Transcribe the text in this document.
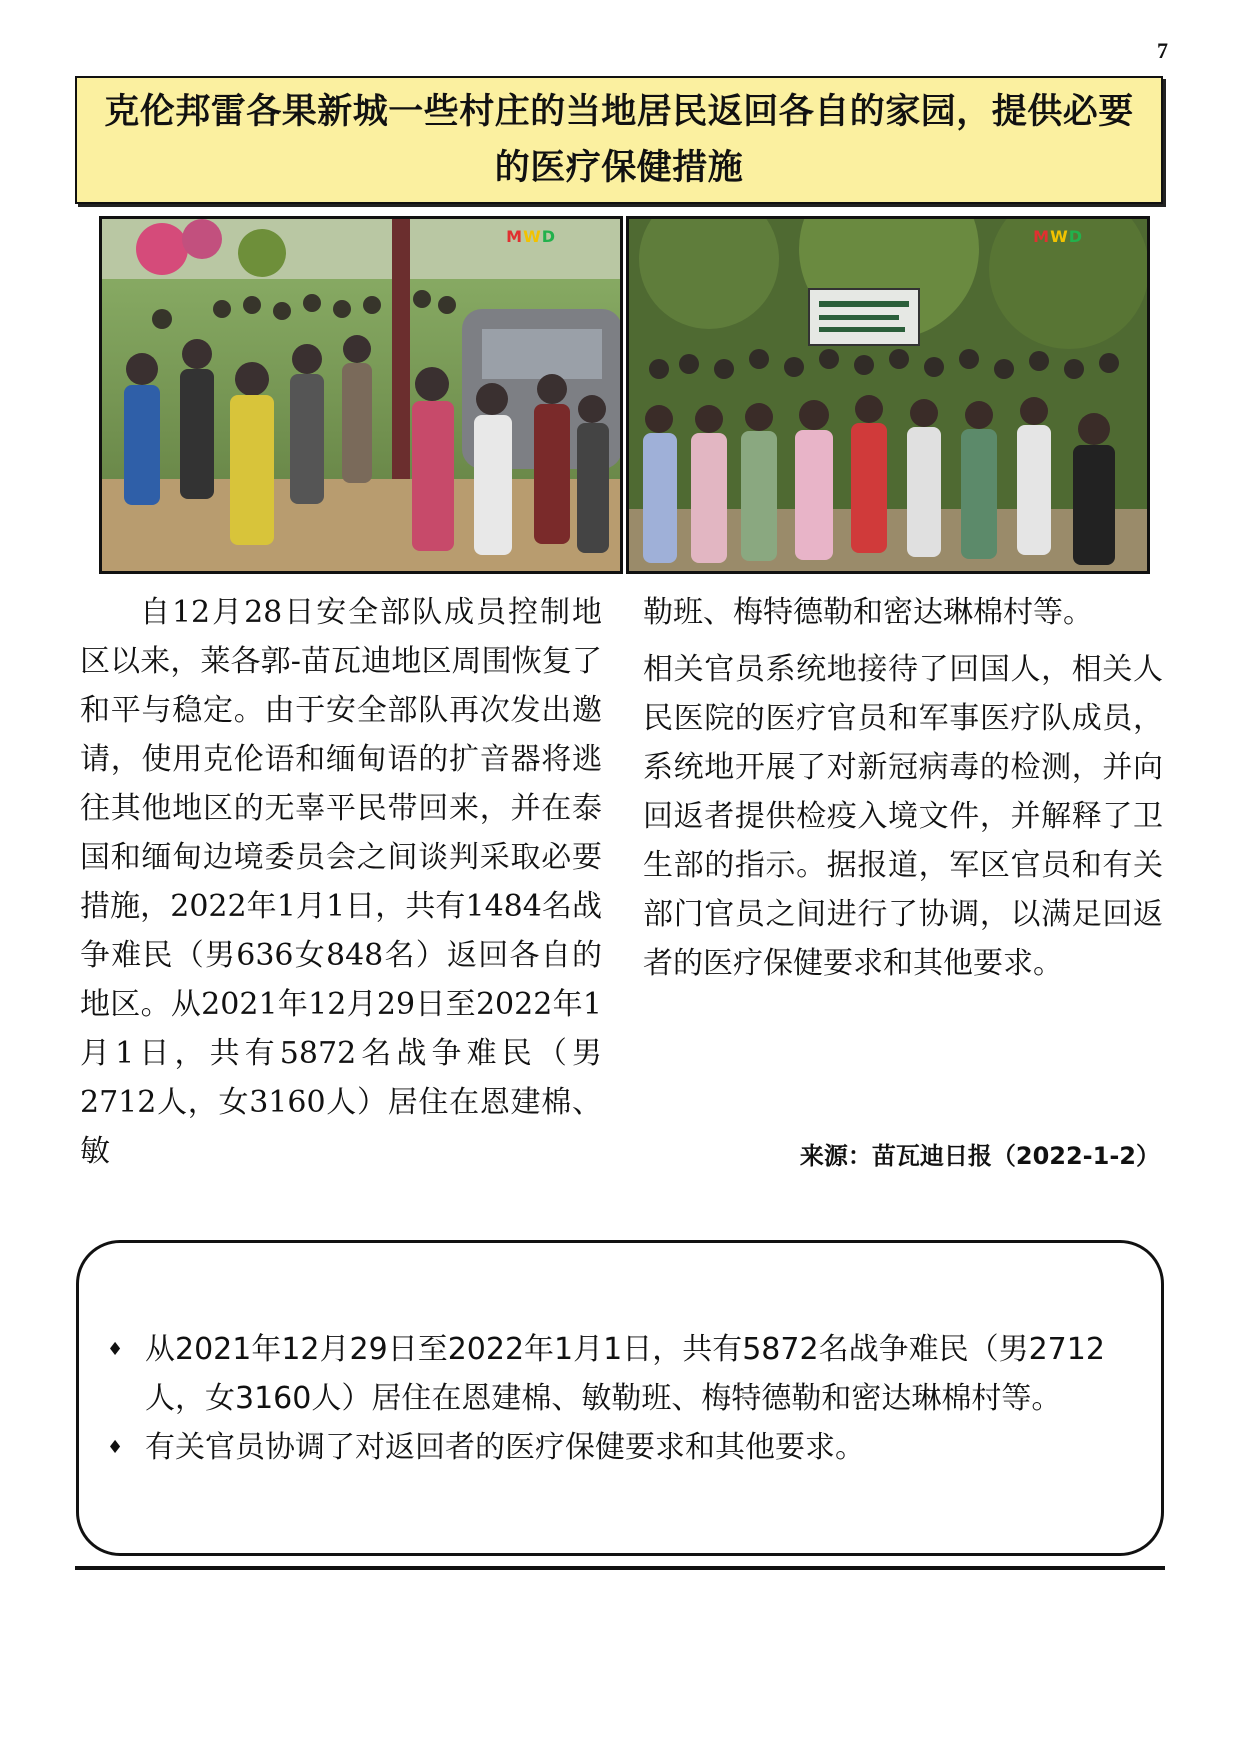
7
克伦邦雷各果新城一些村庄的当地居民返回各自的家园，提供必要的医疗保健措施
MWD	MWD

自12月28日安全部队成员控制地区以来，莱各郭-苗瓦迪地区周围恢复了和平与稳定。由于安全部队再次发出邀请，使用克伦语和缅甸语的扩音器将逃往其他地区的无辜平民带回来，并在泰国和缅甸边境委员会之间谈判采取必要措施，2022年1月1日，共有1484名战争难民（男636女848名）返回各自的地区。从2021年12月29日至2022年1月1日，共有5872名战争难民（男2712人，女3160人）居住在恩建棉、敏

勒班、梅特德勒和密达琳棉村等。

相关官员系统地接待了回国人，相关人民医院的医疗官员和军事医疗队成员，系统地开展了对新冠病毒的检测，并向回返者提供检疫入境文件，并解释了卫生部的指示。据报道，军区官员和有关部门官员之间进行了协调，以满足回返者的医疗保健要求和其他要求。

来源：苗瓦迪日报（2022-1-2）
♦ 从2021年12月29日至2022年1月1日，共有5872名战争难民（男2712人，女3160人）居住在恩建棉、敏勒班、梅特德勒和密达琳棉村等。
♦ 有关官员协调了对返回者的医疗保健要求和其他要求。
